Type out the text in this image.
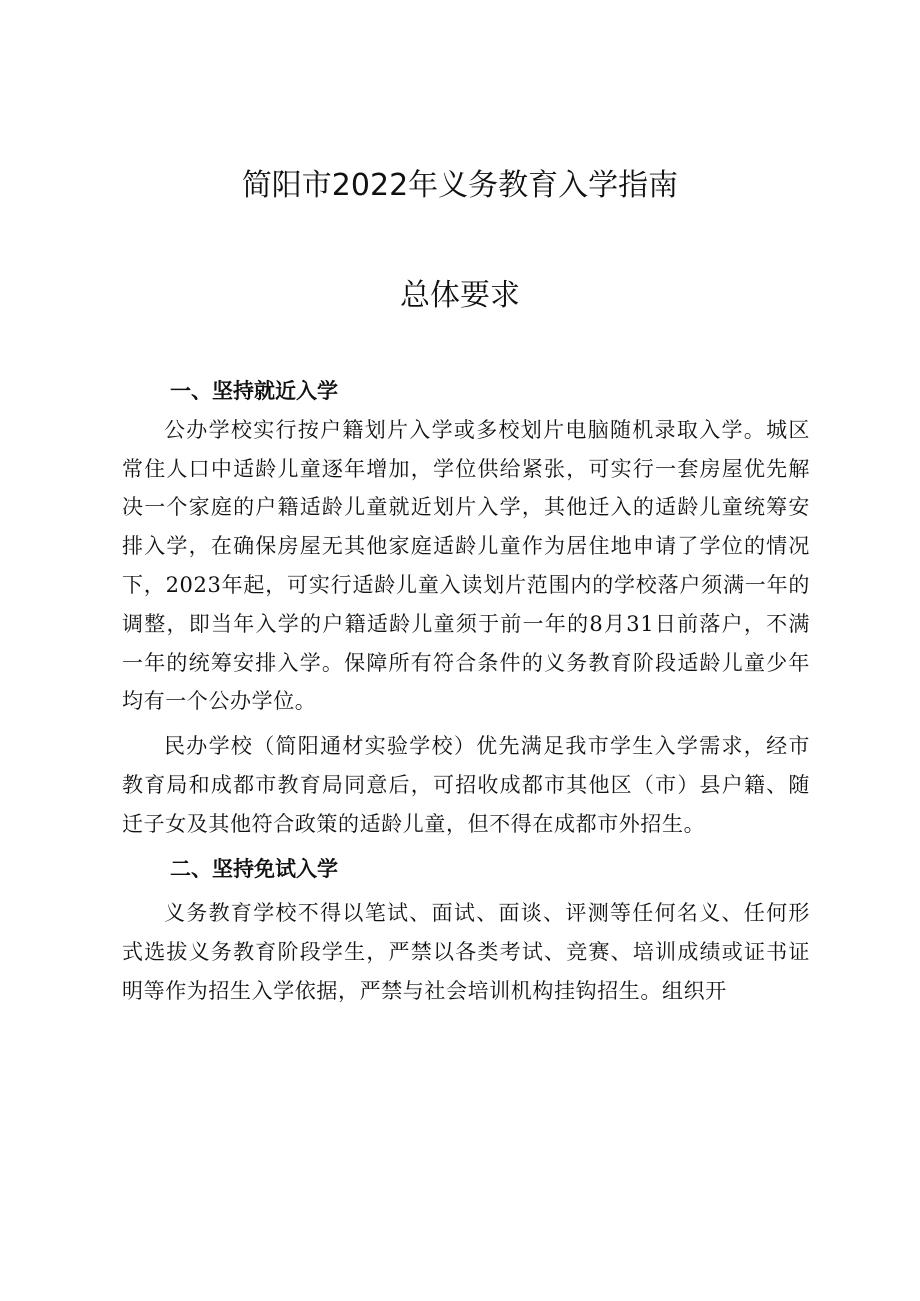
简阳市2022年义务教育入学指南
总体要求
一、坚持就近入学

公办学校实行按户籍划片入学或多校划片电脑随机录取入学。城区常住人口中适龄儿童逐年增加，学位供给紧张，可实行一套房屋优先解决一个家庭的户籍适龄儿童就近划片入学，其他迁入的适龄儿童统筹安排入学，在确保房屋无其他家庭适龄儿童作为居住地申请了学位的情况下，2023年起，可实行适龄儿童入读划片范围内的学校落户须满一年的调整，即当年入学的户籍适龄儿童须于前一年的8月31日前落户，不满一年的统筹安排入学。保障所有符合条件的义务教育阶段适龄儿童少年均有一个公办学位。

民办学校（简阳通材实验学校）优先满足我市学生入学需求，经市教育局和成都市教育局同意后，可招收成都市其他区（市）县户籍、随迁子女及其他符合政策的适龄儿童，但不得在成都市外招生。

二、坚持免试入学

义务教育学校不得以笔试、面试、面谈、评测等任何名义、任何形式选拔义务教育阶段学生，严禁以各类考试、竞赛、培训成绩或证书证明等作为招生入学依据，严禁与社会培训机构挂钩招生。组织开
